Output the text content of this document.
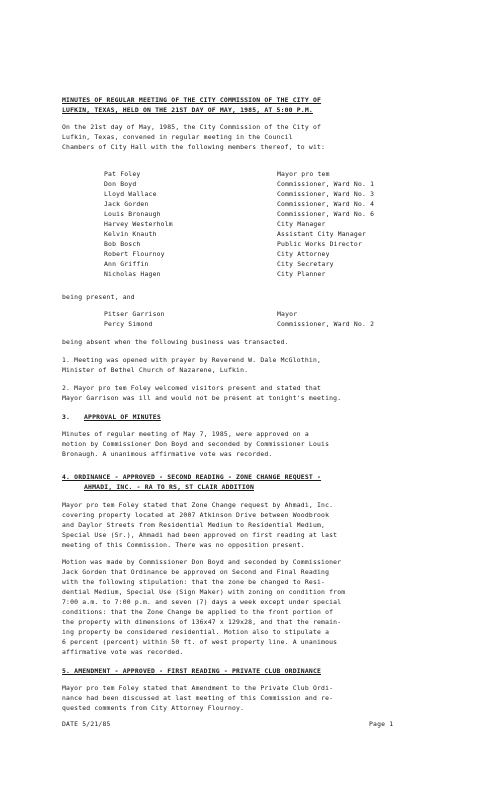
MINUTES OF REGULAR MEETING OF THE CITY COMMISSION OF THE CITY OF
LUFKIN, TEXAS, HELD ON THE 21ST DAY OF MAY, 1985, AT 5:00 P.M.
On the 21st day of May, 1985, the City Commission of the City of
Lufkin, Texas, convened in regular meeting in the Council
Chambers of City Hall with the following members thereof, to wit:
Pat Foley	Mayor pro tem
Don Boyd	Commissioner, Ward No. 1
Lloyd Wallace	Commissioner, Ward No. 3
Jack Gorden	Commissioner, Ward No. 4
Louis Bronaugh	Commissioner, Ward No. 6
Harvey Westerholm	City Manager
Kelvin Knauth	Assistant City Manager
Bob Bosch	Public Works Director
Robert Flournoy	City Attorney
Ann Griffin	City Secretary
Nicholas Hagen	City Planner
being present, and
Pitser Garrison	Mayor
Percy Simond	Commissioner, Ward No. 2
being absent when the following business was transacted.
1. Meeting was opened with prayer by Reverend W. Dale McGlothin,
Minister of Bethel Church of Nazarene, Lufkin.
2. Mayor pro tem Foley welcomed visitors present and stated that
Mayor Garrison was ill and would not be present at tonight's meeting.
3. APPROVAL OF MINUTES
Minutes of regular meeting of May 7, 1985, were approved on a
motion by Commissioner Don Boyd and seconded by Commissioner Louis
Bronaugh. A unanimous affirmative vote was recorded.
4. ORDINANCE - APPROVED - SECOND READING - ZONE CHANGE REQUEST -
AHMADI, INC. - RA TO RS, ST CLAIR ADDITION
Mayor pro tem Foley stated that Zone Change request by Ahmadi, Inc.
covering property located at 2007 Atkinson Drive between Woodbrook
and Daylor Streets from Residential Medium to Residential Medium,
Special Use (Sr.), Ahmadi had been approved on first reading at last
meeting of this Commission. There was no opposition present.
Motion was made by Commissioner Don Boyd and seconded by Commissioner
Jack Gorden that Ordinance be approved on Second and Final Reading
with the following stipulation: that the zone be changed to Resi-
dential Medium, Special Use (Sign Maker) with zoning on condition from
7:00 a.m. to 7:00 p.m. and seven (7) days a week except under special
conditions: that the Zone Change be applied to the front portion of
the property with dimensions of 136x47 x 129x28, and that the remain-
ing property be considered residential. Motion also to stipulate a
6 percent (percent) within 50 ft. of west property line. A unanimous
affirmative vote was recorded.
5. AMENDMENT - APPROVED - FIRST READING - PRIVATE CLUB ORDINANCE
Mayor pro tem Foley stated that Amendment to the Private Club Ordi-
nance had been discussed at last meeting of this Commission and re-
quested comments from City Attorney Flournoy.
DATE 5/21/85	Page 1
